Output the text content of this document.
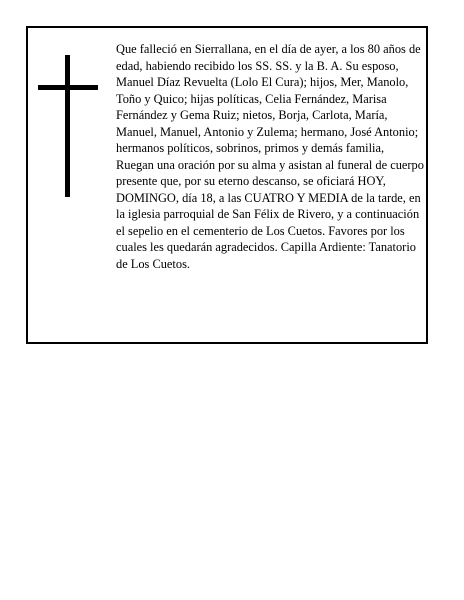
Que falleció en Sierrallana, en el día de ayer, a los 80 años de edad, habiendo recibido los SS. SS. y la B. A. Su esposo, Manuel Díaz Revuelta (Lolo El Cura); hijos, Mer, Manolo, Toño y Quico; hijas políticas, Celia Fernández, Marisa Fernández y Gema Ruiz; nietos, Borja, Carlota, María, Manuel, Manuel, Antonio y Zulema; hermano, José Antonio; hermanos políticos, sobrinos, primos y demás familia,

Ruegan una oración por su alma y asistan al funeral de cuerpo presente que, por su eterno descanso, se oficiará HOY, DOMINGO, día 18, a las CUATRO Y MEDIA de la tarde, en la iglesia parroquial de San Félix de Rivero, y a continuación el sepelio en el cementerio de Los Cuetos. Favores por los cuales les quedarán agradecidos. Capilla Ardiente: Tanatorio de Los Cuetos.
